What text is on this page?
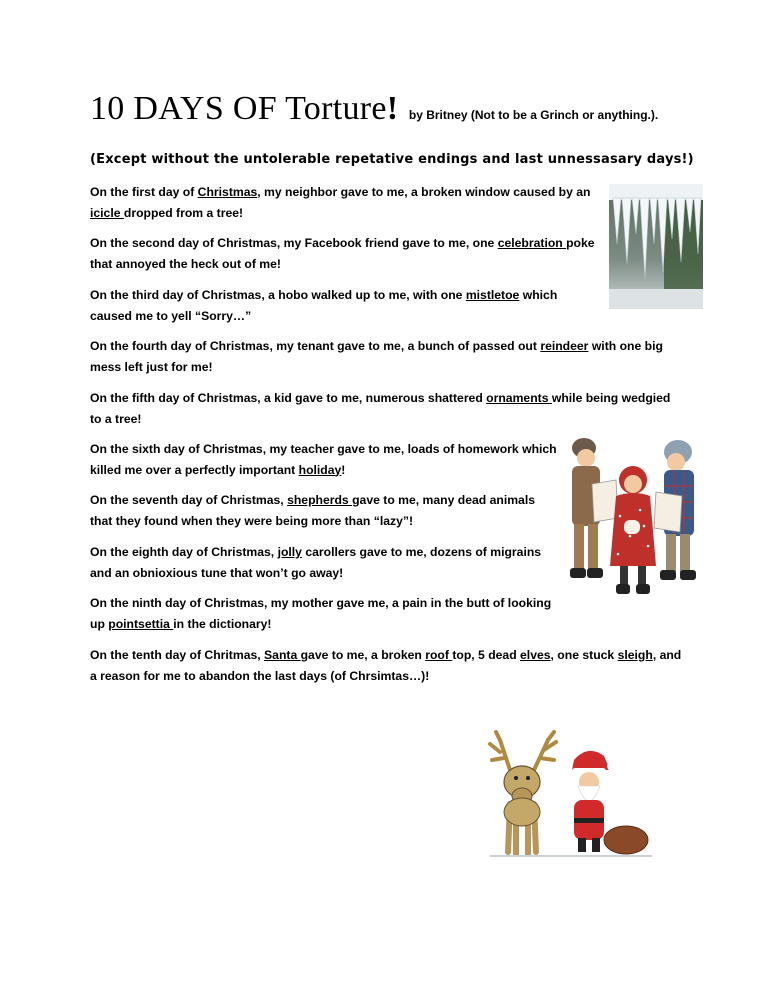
10 DAYS OF Torture! by Britney (Not to be a Grinch or anything.).
(Except without the untolerable repetative endings and last unnessasary days!)
On the first day of Christmas, my neighbor gave to me, a broken window caused by an
icicle dropped from a tree!
On the second day of Christmas, my Facebook friend gave to me, one celebration poke
that annoyed the heck out of me!
On the third day of Christmas, a hobo walked up to me, with one mistletoe which
caused me to yell “Sorry…”
On the fourth day of Christmas, my tenant gave to me, a bunch of passed out reindeer with one big
mess left just for me!
On the fifth day of Christmas, a kid gave to me, numerous shattered ornaments while being wedgied
to a tree!
On the sixth day of Christmas, my teacher gave to me, loads of homework which
killed me over a perfectly important holiday!
On the seventh day of Christmas, shepherds gave to me, many dead animals
that they found when they were being more than “lazy”!
On the eighth day of Christmas, jolly carollers gave to me, dozens of migrains
and an obnioxious tune that won’t go away!
On the ninth day of Christmas, my mother gave me, a pain in the butt of looking
up pointsettia in the dictionary!
On the tenth day of Chritmas, Santa gave to me, a broken roof top, 5 dead elves, one stuck sleigh, and
a reason for me to abandon the last days (of Chrsimtas…)!
